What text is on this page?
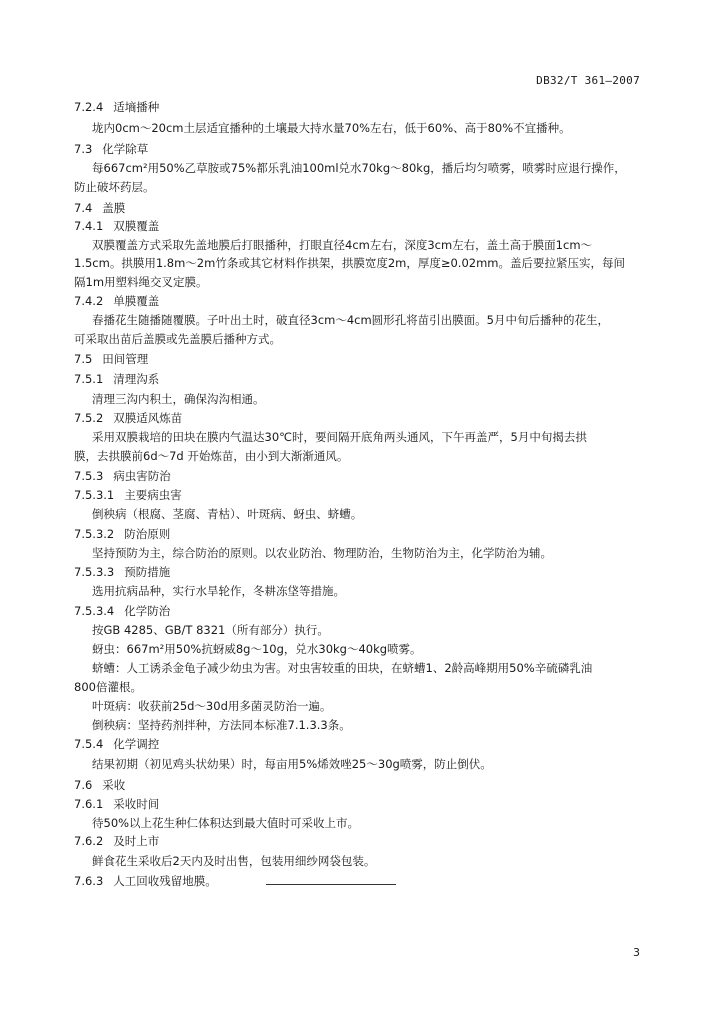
DB32/T 361—2007
7.2.4 适墒播种
垅内0cm～20cm土层适宜播种的土壤最大持水量70%左右，低于60%、高于80%不宜播种。
7.3 化学除草
每667cm²用50%乙草胺或75%都乐乳油100ml兑水70kg～80kg，播后均匀喷雾，喷雾时应退行操作，
防止破坏药层。
7.4 盖膜
7.4.1 双膜覆盖
双膜覆盖方式采取先盖地膜后打眼播种，打眼直径4cm左右，深度3cm左右，盖土高于膜面1cm～
1.5cm。拱膜用1.8m～2m竹条或其它材料作拱架，拱膜宽度2m，厚度≥0.02mm。盖后要拉紧压实，每间
隔1m用塑料绳交叉定膜。
7.4.2 单膜覆盖
春播花生随播随覆膜。子叶出土时，破直径3cm～4cm圆形孔将苗引出膜面。5月中旬后播种的花生，
可采取出苗后盖膜或先盖膜后播种方式。
7.5 田间管理
7.5.1 清理沟系
清理三沟内积土，确保沟沟相通。
7.5.2 双膜适风炼苗
采用双膜栽培的田块在膜内气温达30℃时，要间隔开底角两头通风，下午再盖严，5月中旬揭去拱
膜，去拱膜前6d～7d 开始炼苗，由小到大渐渐通风。
7.5.3 病虫害防治
7.5.3.1 主要病虫害
倒秧病（根腐、茎腐、青枯）、叶斑病、蚜虫、蛴螬。
7.5.3.2 防治原则
坚持预防为主，综合防治的原则。以农业防治、物理防治，生物防治为主，化学防治为辅。
7.5.3.3 预防措施
选用抗病品种，实行水旱轮作，冬耕冻垡等措施。
7.5.3.4 化学防治
按GB 4285、GB/T 8321（所有部分）执行。
蚜虫：667m²用50%抗蚜威8g～10g，兑水30kg～40kg喷雾。
蛴螬：人工诱杀金龟子减少幼虫为害。对虫害较重的田块，在蛴螬1、2龄高峰期用50%辛硫磷乳油
800倍灌根。
叶斑病：收获前25d～30d用多菌灵防治一遍。
倒秧病：坚持药剂拌种，方法同本标准7.1.3.3条。
7.5.4 化学调控
结果初期（初见鸡头状幼果）时，每亩用5%烯效唑25～30g喷雾，防止倒伏。
7.6 采收
7.6.1 采收时间
待50%以上花生种仁体积达到最大值时可采收上市。
7.6.2 及时上市
鲜食花生采收后2天内及时出售，包装用细纱网袋包装。
7.6.3 人工回收残留地膜。
3
